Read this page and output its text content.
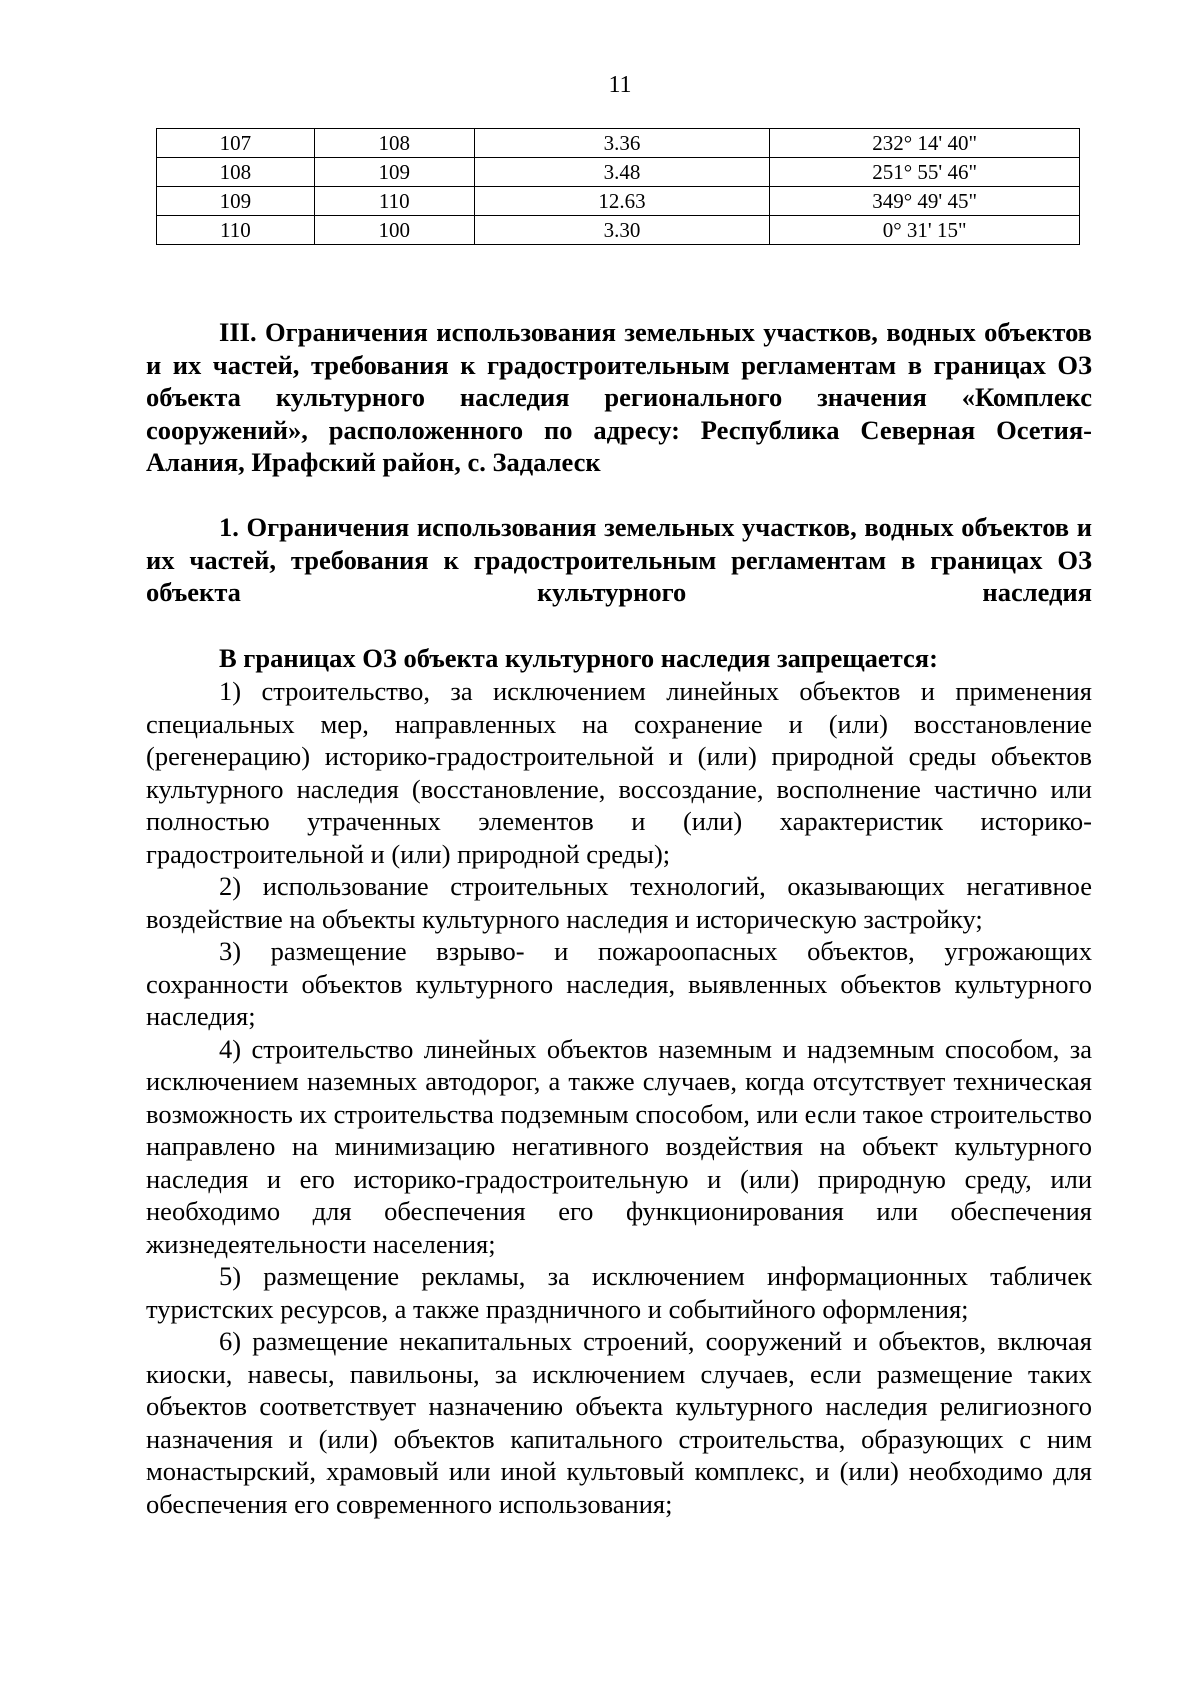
11
107	108	3.36	232° 14' 40"
108	109	3.48	251° 55' 46"
109	110	12.63	349° 49' 45"
110	100	3.30	0° 31' 15"
III. Ограничения использования земельных участков, водных объектов и их частей, требования к градостроительным регламентам в границах ОЗ объекта культурного наследия регионального значения «Комплекс сооружений», расположенного по адресу: Республика Северная Осетия-Алания, Ирафский район, с. Задалеск
1. Ограничения использования земельных участков, водных объектов и их частей, требования к градостроительным регламентам в границах ОЗ объекта культурного наследия
В границах ОЗ объекта культурного наследия запрещается:

1) строительство, за исключением линейных объектов и применения специальных мер, направленных на сохранение и (или) восстановление (регенерацию) историко-градостроительной и (или) природной среды объектов культурного наследия (восстановление, воссоздание, восполнение частично или полностью утраченных элементов и (или) характеристик историко-градостроительной и (или) природной среды);

2) использование строительных технологий, оказывающих негативное воздействие на объекты культурного наследия и историческую застройку;

3) размещение взрыво- и пожароопасных объектов, угрожающих сохранности объектов культурного наследия, выявленных объектов культурного наследия;

4) строительство линейных объектов наземным и надземным способом, за исключением наземных автодорог, а также случаев, когда отсутствует техническая возможность их строительства подземным способом, или если такое строительство направлено на минимизацию негативного воздействия на объект культурного наследия и его историко-градостроительную и (или) природную среду, или необходимо для обеспечения его функционирования или обеспечения жизнедеятельности населения;

5) размещение рекламы, за исключением информационных табличек туристских ресурсов, а также праздничного и событийного оформления;

6) размещение некапитальных строений, сооружений и объектов, включая киоски, навесы, павильоны, за исключением случаев, если размещение таких объектов соответствует назначению объекта культурного наследия религиозного назначения и (или) объектов капитального строительства, образующих с ним монастырский, храмовый или иной культовый комплекс, и (или) необходимо для обеспечения его современного использования;
